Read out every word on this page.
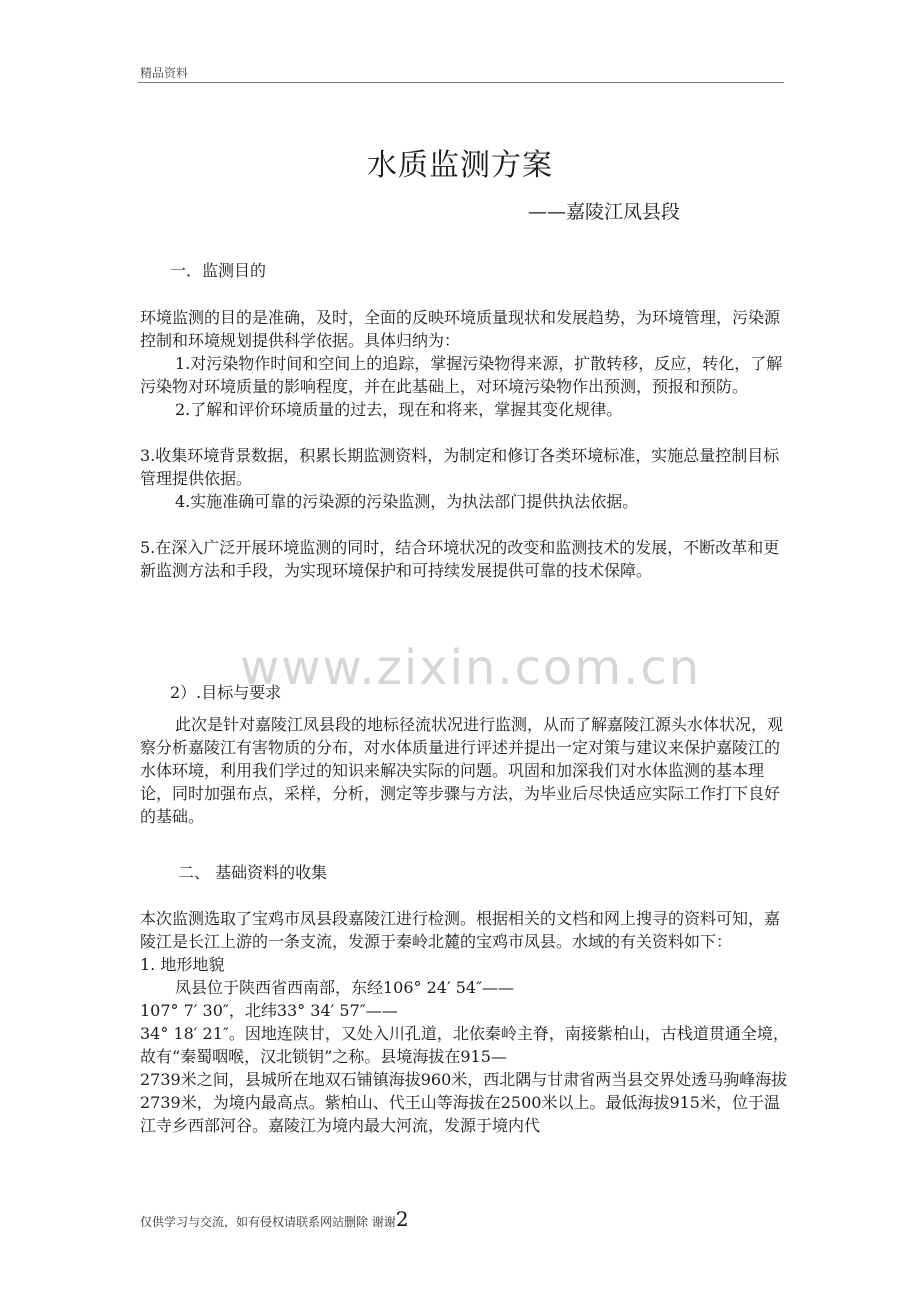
精品资料
水质监测方案
——嘉陵江凤县段
一．监测目的

环境监测的目的是准确，及时，全面的反映环境质量现状和发展趋势，为环境管理，污染源控制和环境规划提供科学依据。具体归纳为：

1.对污染物作时间和空间上的追踪，掌握污染物得来源，扩散转移，反应，转化，了解污染物对环境质量的影响程度，并在此基础上，对环境污染物作出预测，预报和预防。

2.了解和评价环境质量的过去，现在和将来，掌握其变化规律。

3.收集环境背景数据，积累长期监测资料，为制定和修订各类环境标准，实施总量控制目标管理提供依据。

4.实施准确可靠的污染源的污染监测，为执法部门提供执法依据。

5.在深入广泛开展环境监测的同时，结合环境状况的改变和监测技术的发展，不断改革和更新监测方法和手段，为实现环境保护和可持续发展提供可靠的技术保障。

www.zixin.com.cn
2）.目标与要求

此次是针对嘉陵江凤县段的地标径流状况进行监测，从而了解嘉陵江源头水体状况，观察分析嘉陵江有害物质的分布，对水体质量进行评述并提出一定对策与建议来保护嘉陵江的水体环境，利用我们学过的知识来解决实际的问题。巩固和加深我们对水体监测的基本理论，同时加强布点，采样，分析，测定等步骤与方法，为毕业后尽快适应实际工作打下良好的基础。

二、 基础资料的收集

本次监测选取了宝鸡市凤县段嘉陵江进行检测。根据相关的文档和网上搜寻的资料可知，嘉陵江是长江上游的一条支流，发源于秦岭北麓的宝鸡市凤县。水域的有关资料如下：

1. 地形地貌

凤县位于陕西省西南部，东经106° 24′ 54″——

107° 7′ 30″，北纬33° 34′ 57″——

34° 18′ 21″。因地连陕甘，又处入川孔道，北依秦岭主脊，南接紫柏山，古栈道贯通全境，故有“秦蜀咽喉，汉北锁钥”之称。县境海拔在915—

2739米之间，县城所在地双石铺镇海拔960米，西北隅与甘肃省两当县交界处透马驹峰海拔2739米，为境内最高点。紫柏山、代王山等海拔在2500米以上。最低海拔915米，位于温江寺乡西部河谷。嘉陵江为境内最大河流，发源于境内代

仅供学习与交流，如有侵权请联系网站删除 谢谢2
